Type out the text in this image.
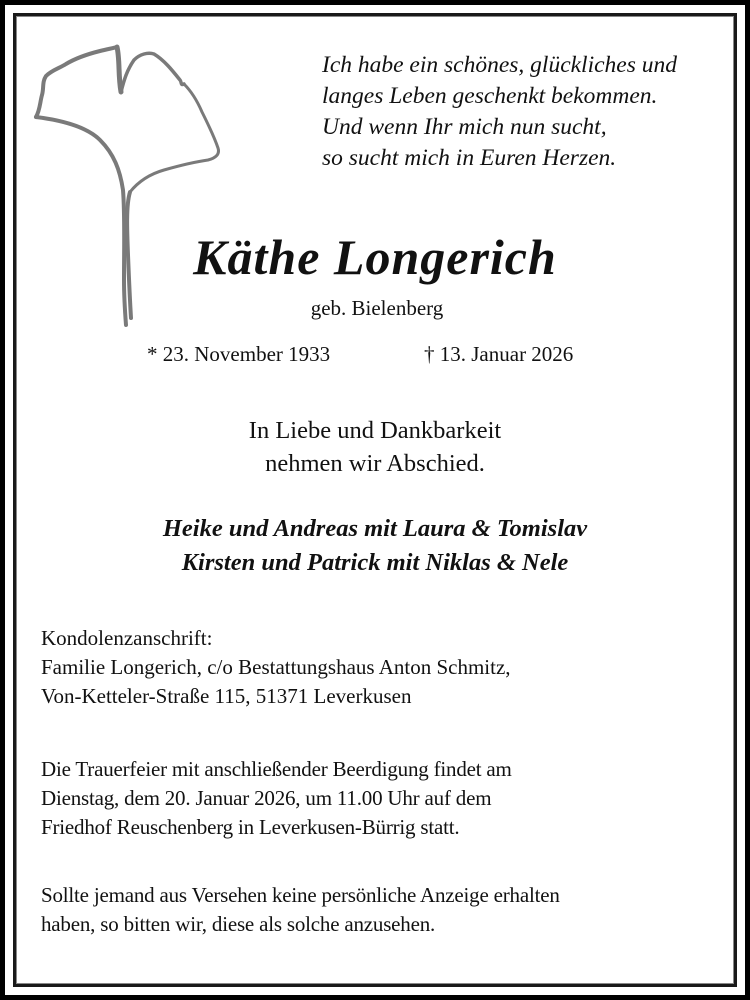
Ich habe ein schönes, glückliches und
langes Leben geschenkt bekommen.
Und wenn Ihr mich nun sucht,
so sucht mich in Euren Herzen.
Käthe Longerich
geb. Bielenberg
* 23. November 1933	† 13. Januar 2026
In Liebe und Dankbarkeit
nehmen wir Abschied.
Heike und Andreas mit Laura & Tomislav
Kirsten und Patrick mit Niklas & Nele
Kondolenzanschrift:
Familie Longerich, c/o Bestattungshaus Anton Schmitz,
Von-Ketteler-Straße 115, 51371 Leverkusen
Die Trauerfeier mit anschließender Beerdigung findet am
Dienstag, dem 20. Januar 2026, um 11.00 Uhr auf dem
Friedhof Reuschenberg in Leverkusen-Bürrig statt.
Sollte jemand aus Versehen keine persönliche Anzeige erhalten
haben, so bitten wir, diese als solche anzusehen.
